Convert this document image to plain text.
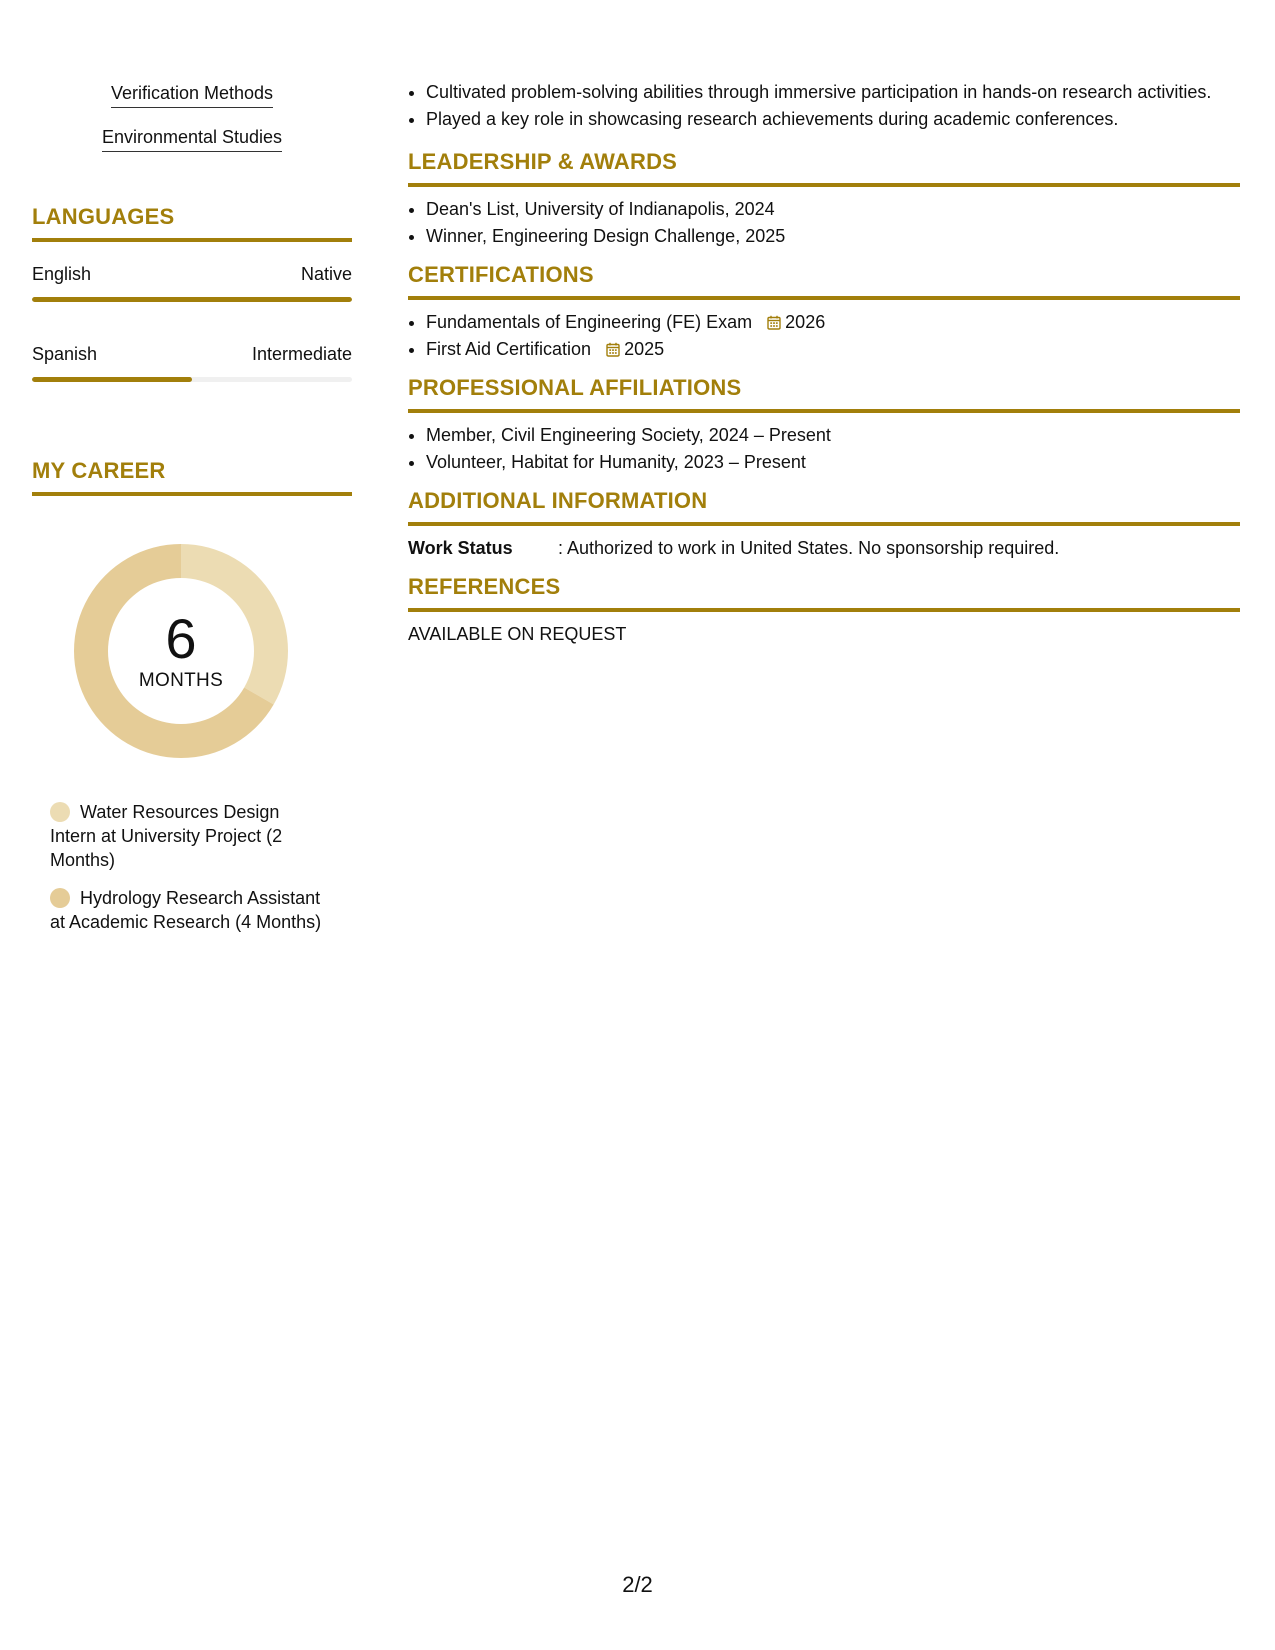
Verification Methods
Environmental Studies
LANGUAGES
English	Native
Spanish	Intermediate
MY CAREER
6
MONTHS
Water Resources Design Intern at University Project (2 Months)
Hydrology Research Assistant at Academic Research (4 Months)
• Cultivated problem-solving abilities through immersive participation in hands-on research activities.
• Played a key role in showcasing research achievements during academic conferences.
LEADERSHIP & AWARDS
• Dean's List, University of Indianapolis, 2024
• Winner, Engineering Design Challenge, 2025
CERTIFICATIONS
• Fundamentals of Engineering (FE) Exam 2026
• First Aid Certification 2025
PROFESSIONAL AFFILIATIONS
• Member, Civil Engineering Society, 2024 – Present
• Volunteer, Habitat for Humanity, 2023 – Present
ADDITIONAL INFORMATION
Work Status	: Authorized to work in United States. No sponsorship required.
REFERENCES
AVAILABLE ON REQUEST
2/2
